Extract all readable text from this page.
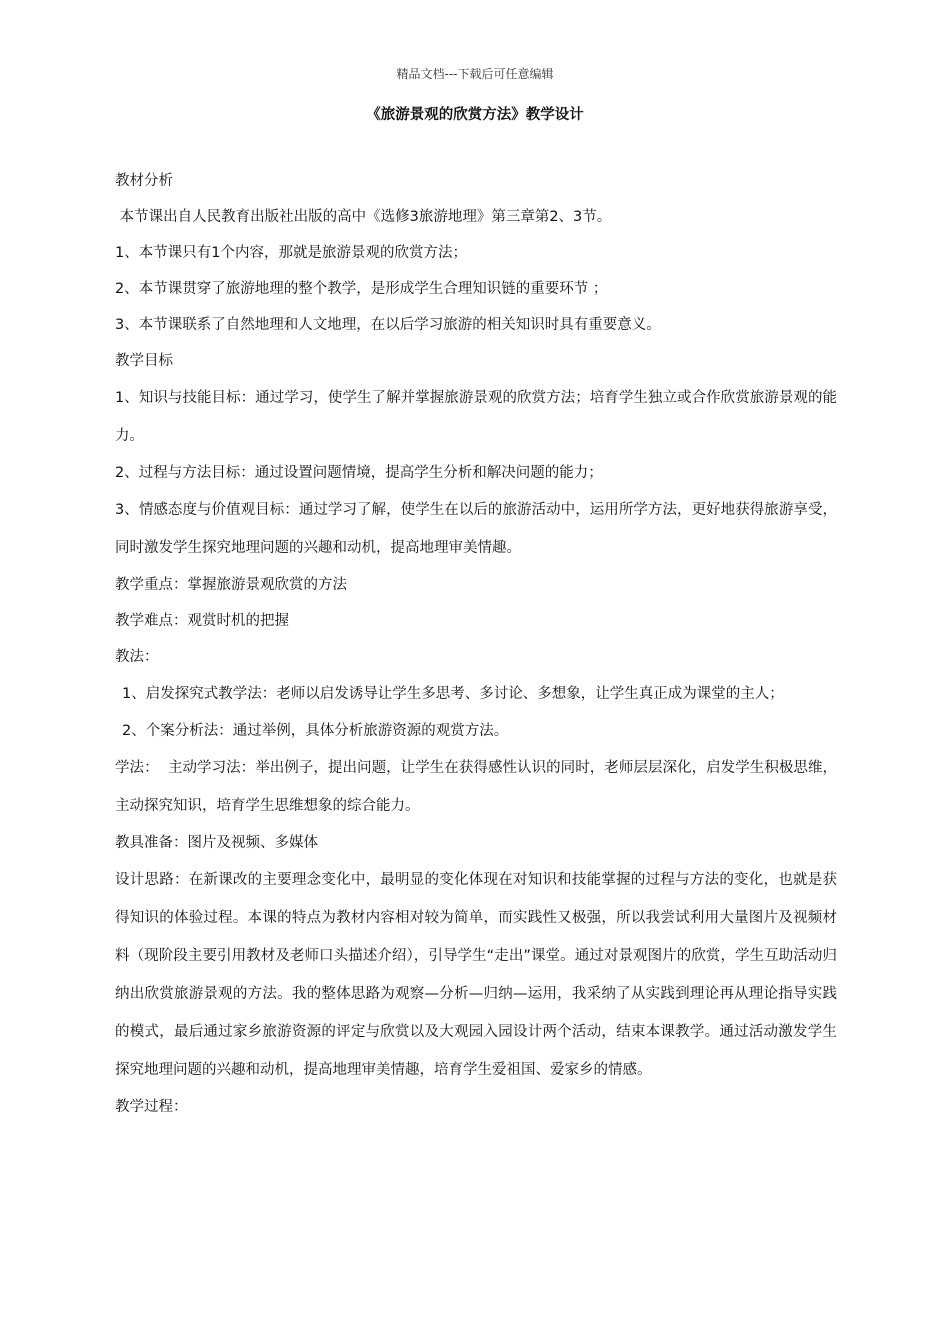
精品文档---下载后可任意编辑
《旅游景观的欣赏方法》教学设计

教材分析

本节课出自人民教育出版社出版的高中《选修3旅游地理》第三章第2、3节。

1、本节课只有1个内容，那就是旅游景观的欣赏方法；

2、本节课贯穿了旅游地理的整个教学，是形成学生合理知识链的重要环节 ；

3、本节课联系了自然地理和人文地理，在以后学习旅游的相关知识时具有重要意义。

教学目标

1、知识与技能目标：通过学习，使学生了解并掌握旅游景观的欣赏方法；培育学生独立或合作欣赏旅游景观的能力。

2、过程与方法目标：通过设置问题情境，提高学生分析和解决问题的能力；

3、情感态度与价值观目标：通过学习了解，使学生在以后的旅游活动中，运用所学方法，更好地获得旅游享受，同时激发学生探究地理问题的兴趣和动机，提高地理审美情趣。

教学重点：掌握旅游景观欣赏的方法

教学难点：观赏时机的把握

教法：

1、启发探究式教学法：老师以启发诱导让学生多思考、多讨论、多想象，让学生真正成为课堂的主人；

2、个案分析法：通过举例，具体分析旅游资源的观赏方法。

学法：  主动学习法：举出例子，提出问题，让学生在获得感性认识的同时，老师层层深化，启发学生积极思维，主动探究知识，培育学生思维想象的综合能力。

教具准备：图片及视频、多媒体

设计思路：在新课改的主要理念变化中，最明显的变化体现在对知识和技能掌握的过程与方法的变化，也就是获得知识的体验过程。本课的特点为教材内容相对较为简单，而实践性又极强，所以我尝试利用大量图片及视频材料（现阶段主要引用教材及老师口头描述介绍），引导学生“走出”课堂。通过对景观图片的欣赏，学生互助活动归纳出欣赏旅游景观的方法。我的整体思路为观察—分析—归纳—运用，我采纳了从实践到理论再从理论指导实践的模式，最后通过家乡旅游资源的评定与欣赏以及大观园入园设计两个活动，结束本课教学。通过活动激发学生探究地理问题的兴趣和动机，提高地理审美情趣，培育学生爱祖国、爱家乡的情感。

教学过程：
